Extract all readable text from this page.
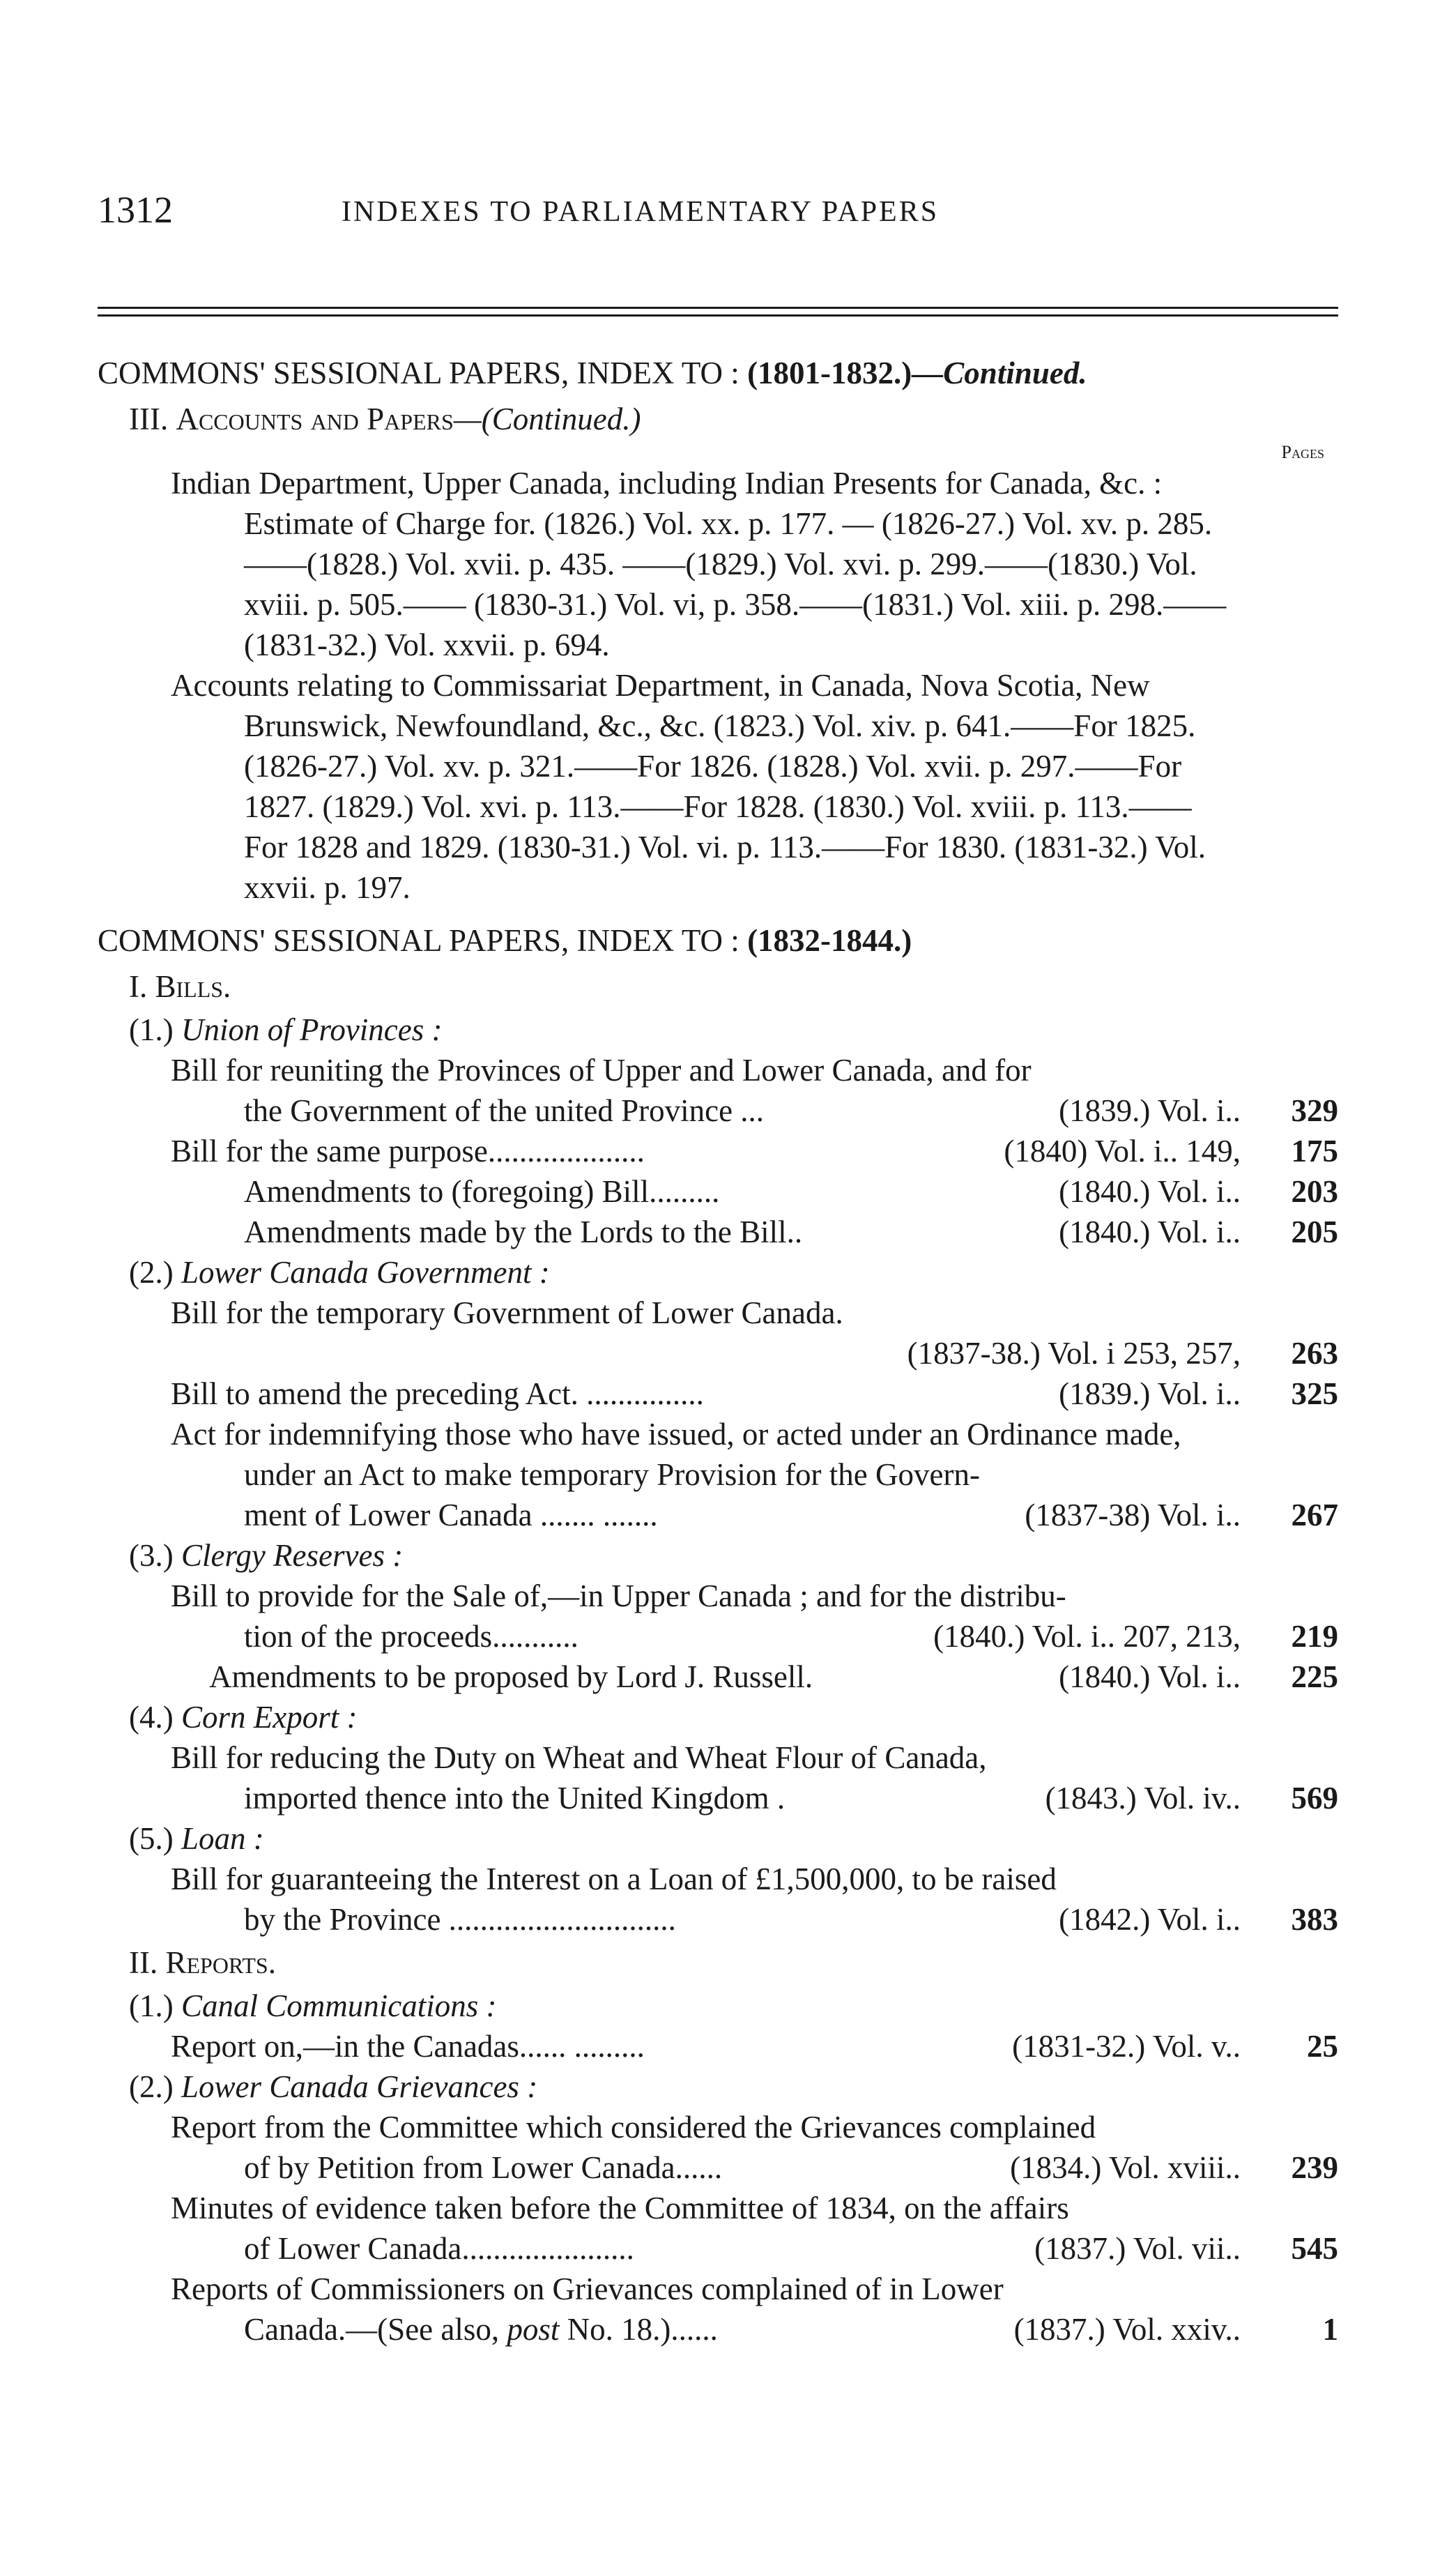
1312	INDEXES TO PARLIAMENTARY PAPERS
COMMONS' SESSIONAL PAPERS, INDEX TO : (1801-1832.)—Continued.
III. Accounts and Papers—(Continued.)
Pages
Indian Department, Upper Canada, including Indian Presents for Canada, &c. : Estimate of Charge for. (1826.) Vol. xx. p. 177. — (1826-27.) Vol. xv. p. 285.——(1828.) Vol. xvii. p. 435. ——(1829.) Vol. xvi. p. 299.——(1830.) Vol. xviii. p. 505.—— (1830-31.) Vol. vi, p. 358.——(1831.) Vol. xiii. p. 298.—— (1831-32.) Vol. xxvii. p. 694.
Accounts relating to Commissariat Department, in Canada, Nova Scotia, New Brunswick, Newfoundland, &c., &c. (1823.) Vol. xiv. p. 641.——For 1825. (1826-27.) Vol. xv. p. 321.——For 1826. (1828.) Vol. xvii. p. 297.——For 1827. (1829.) Vol. xvi. p. 113.——For 1828. (1830.) Vol. xviii. p. 113.——For 1828 and 1829. (1830-31.) Vol. vi. p. 113.——For 1830. (1831-32.) Vol. xxvii. p. 197.
COMMONS' SESSIONAL PAPERS, INDEX TO : (1832-1844.)
I. Bills.
(1.) Union of Provinces :
Bill for reuniting the Provinces of Upper and Lower Canada, and for
the Government of the united Province ...	(1839.) Vol. i..	329
Bill for the same purpose....................	(1840) Vol. i.. 149,	175
Amendments to (foregoing) Bill.........	(1840.) Vol. i..	203
Amendments made by the Lords to the Bill..	(1840.) Vol. i..	205
(2.) Lower Canada Government :
Bill for the temporary Government of Lower Canada.
(1837-38.) Vol. i 253, 257,	263
Bill to amend the preceding Act. ...............	(1839.) Vol. i..	325
Act for indemnifying those who have issued, or acted under an Ordinance made, under an Act to make temporary Provision for the Govern-
ment of Lower Canada ....... .......	(1837-38) Vol. i..	267
(3.) Clergy Reserves :
Bill to provide for the Sale of,—in Upper Canada ; and for the distribu-
tion of the proceeds...........	(1840.) Vol. i.. 207, 213,	219
Amendments to be proposed by Lord J. Russell.	(1840.) Vol. i..	225
(4.) Corn Export :
Bill for reducing the Duty on Wheat and Wheat Flour of Canada,
imported thence into the United Kingdom .	(1843.) Vol. iv..	569
(5.) Loan :
Bill for guaranteeing the Interest on a Loan of £1,500,000, to be raised
by the Province .............................	(1842.) Vol. i..	383
II. Reports.
(1.) Canal Communications :
Report on,—in the Canadas...... .........	(1831-32.) Vol. v..	25
(2.) Lower Canada Grievances :
Report from the Committee which considered the Grievances complained
of by Petition from Lower Canada......	(1834.) Vol. xviii..	239
Minutes of evidence taken before the Committee of 1834, on the affairs
of Lower Canada......................	(1837.) Vol. vii..	545
Reports of Commissioners on Grievances complained of in Lower
Canada.—(See also, post No. 18.)......	(1837.) Vol. xxiv..	1
